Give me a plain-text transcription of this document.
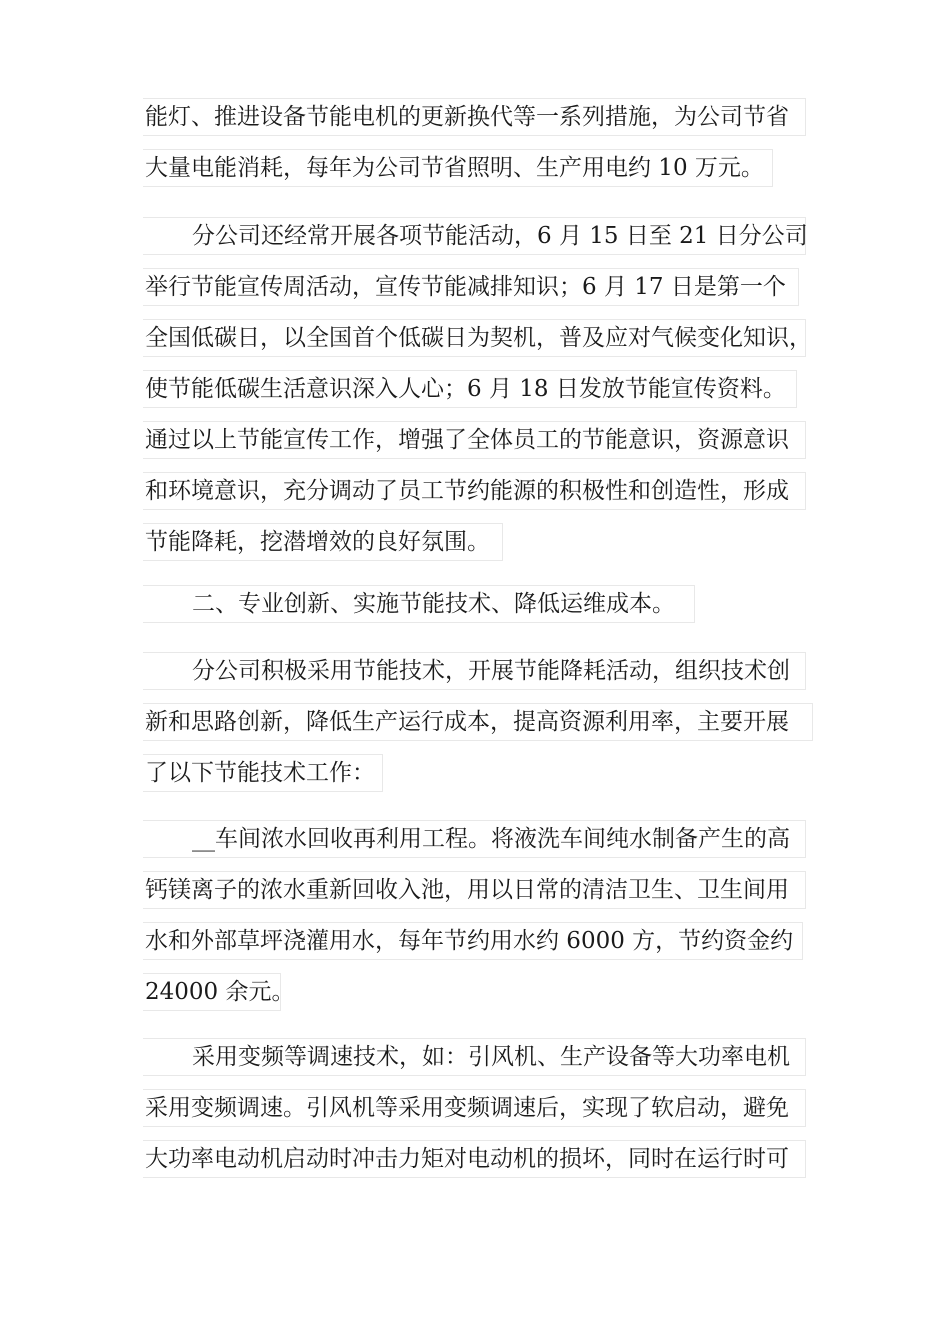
能灯、推进设备节能电机的更新换代等一系列措施，为公司节省
大量电能消耗，每年为公司节省照明、生产用电约 10 万元。
分公司还经常开展各项节能活动，6 月 15 日至 21 日分公司
举行节能宣传周活动，宣传节能减排知识；6 月 17 日是第一个
全国低碳日，以全国首个低碳日为契机，普及应对气候变化知识，
使节能低碳生活意识深入人心；6 月 18 日发放节能宣传资料。
通过以上节能宣传工作，增强了全体员工的节能意识，资源意识
和环境意识，充分调动了员工节约能源的积极性和创造性，形成
节能降耗，挖潜增效的良好氛围。
二、专业创新、实施节能技术、降低运维成本。
分公司积极采用节能技术，开展节能降耗活动，组织技术创
新和思路创新，降低生产运行成本，提高资源利用率，主要开展
了以下节能技术工作：
__车间浓水回收再利用工程。将液洗车间纯水制备产生的高
钙镁离子的浓水重新回收入池，用以日常的清洁卫生、卫生间用
水和外部草坪浇灌用水，每年节约用水约 6000 方，节约资金约
24000 余元。
采用变频等调速技术，如：引风机、生产设备等大功率电机
采用变频调速。引风机等采用变频调速后，实现了软启动，避免
大功率电动机启动时冲击力矩对电动机的损坏，同时在运行时可
